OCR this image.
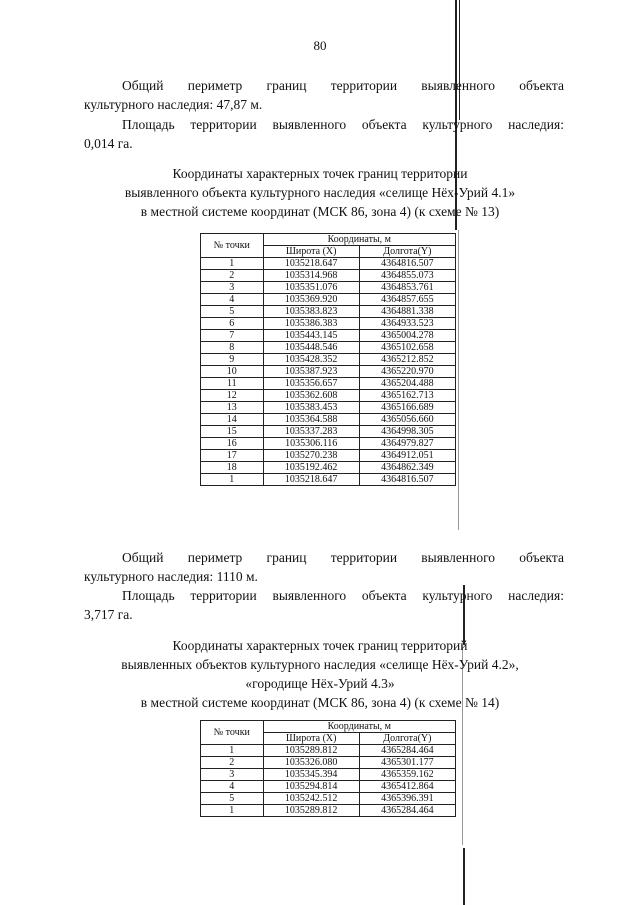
80

Общий периметр границ территории выявленного объекта
культурного наследия: 47,87 м.

Площадь территории выявленного объекта культурного наследия:
0,014 га.

Координаты характерных точек границ территории
выявленного объекта культурного наследия «селище Нёх-Урий 4.1»
в местной системе координат (МСК 86, зона 4) (к схеме № 13)
№ точки	Координаты, м	
	Широта (X)	Долгота(Y)
1	1035218.647	4364816.507
2	1035314.968	4364855.073
3	1035351.076	4364853.761
4	1035369.920	4364857.655
5	1035383.823	4364881.338
6	1035386.383	4364933.523
7	1035443.145	4365004.278
8	1035448.546	4365102.658
9	1035428.352	4365212.852
10	1035387.923	4365220.970
11	1035356.657	4365204.488
12	1035362.608	4365162.713
13	1035383.453	4365166.689
14	1035364.588	4365056.660
15	1035337.283	4364998.305
16	1035306.116	4364979.827
17	1035270.238	4364912.051
18	1035192.462	4364862.349
1	1035218.647	4364816.507

Общий периметр границ территории выявленного объекта
культурного наследия: 1110 м.

Площадь территории выявленного объекта культурного наследия:
3,717 га.

Координаты характерных точек границ территорий
выявленных объектов культурного наследия «селище Нёх-Урий 4.2»,
«городище Нёх-Урий 4.3»
в местной системе координат (МСК 86, зона 4) (к схеме № 14)
№ точки	Координаты, м	
	Широта (X)	Долгота(Y)
1	1035289.812	4365284.464
2	1035326.080	4365301.177
3	1035345.394	4365359.162
4	1035294.814	4365412.864
5	1035242.512	4365396.391
1	1035289.812	4365284.464
